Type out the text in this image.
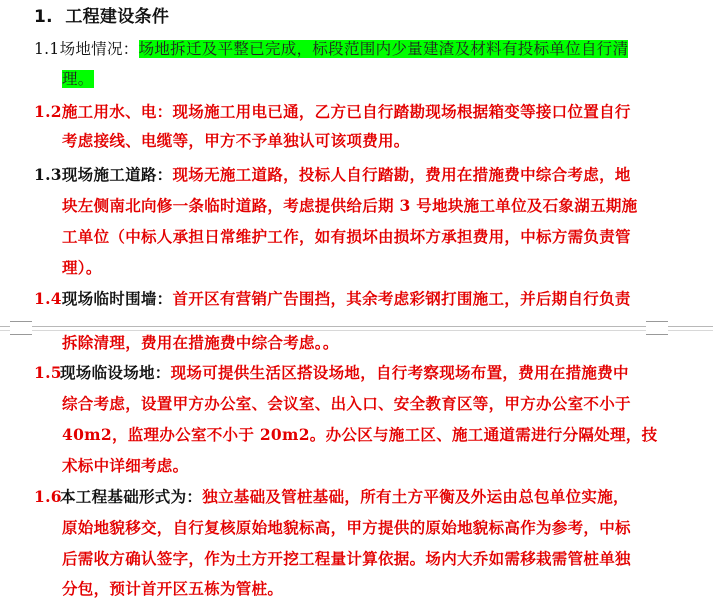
1. 工程建设条件
1.1场地情况：场地拆迁及平整已完成，标段范围内少量建渣及材料有投标单位自行清
理。
1.2施工用水、电：现场施工用电已通，乙方已自行踏勘现场根据箱变等接口位置自行
考虑接线、电缆等，甲方不予单独认可该项费用。
1.3现场施工道路：现场无施工道路，投标人自行踏勘，费用在措施费中综合考虑，地
块左侧南北向修一条临时道路，考虑提供给后期 3 号地块施工单位及石象湖五期施
工单位（中标人承担日常维护工作，如有损坏由损坏方承担费用，中标方需负责管
理）。
1.4现场临时围墙：首开区有营销广告围挡，其余考虑彩钢打围施工，并后期自行负责
拆除清理，费用在措施费中综合考虑。。
1.5现场临设场地：现场可提供生活区搭设场地，自行考察现场布置，费用在措施费中
综合考虑，设置甲方办公室、会议室、出入口、安全教育区等，甲方办公室不小于
40m2，监理办公室不小于 20m2。办公区与施工区、施工通道需进行分隔处理，技
术标中详细考虑。
1.6本工程基础形式为：独立基础及管桩基础，所有土方平衡及外运由总包单位实施，
原始地貌移交，自行复核原始地貌标高，甲方提供的原始地貌标高作为参考，中标
后需收方确认签字，作为土方开挖工程量计算依据。场内大乔如需移栽需管桩单独
分包，预计首开区五栋为管桩。
